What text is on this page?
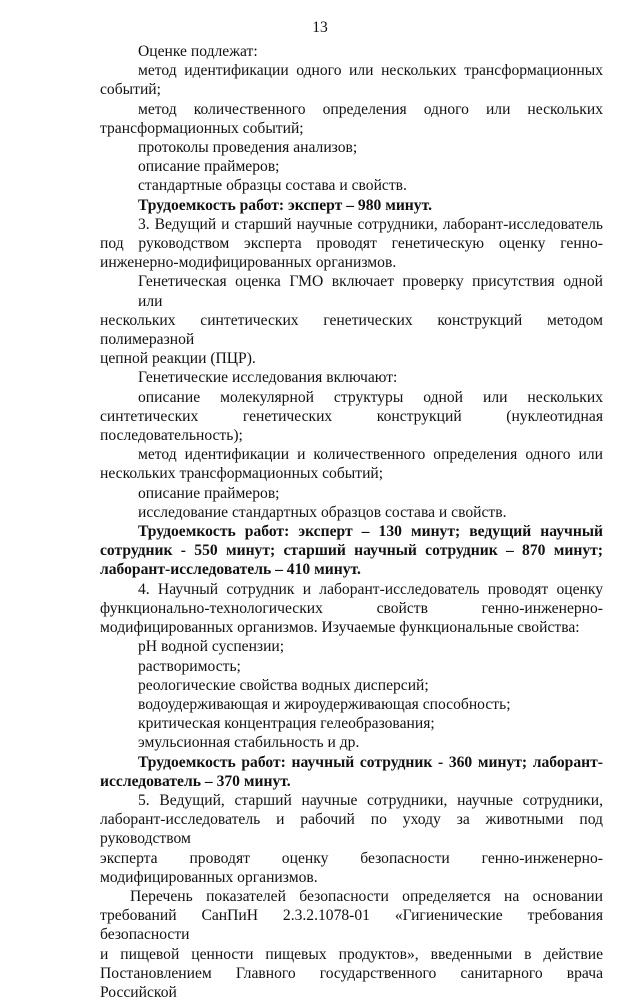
13

Оценке подлежат:

метод идентификации одного или нескольких трансформационных

событий;

метод количественного определения одного или нескольких

трансформационных событий;

протоколы проведения анализов;

описание праймеров;

стандартные образцы состава и свойств.

Трудоемкость работ: эксперт – 980 минут.

3. Ведущий и старший научные сотрудники, лаборант-исследователь

под руководством эксперта проводят генетическую оценку генно-

инженерно-модифицированных организмов.

Генетическая оценка ГМО включает проверку присутствия одной или

нескольких синтетических генетических конструкций методом полимеразной

цепной реакции (ПЦР).

Генетические исследования включают:

описание молекулярной структуры одной или нескольких

синтетических генетических конструкций (нуклеотидная

последовательность);

метод идентификации и количественного определения одного или

нескольких трансформационных событий;

описание праймеров;

исследование стандартных образцов состава и свойств.

Трудоемкость работ: эксперт – 130 минут; ведущий научный

сотрудник - 550 минут; старший научный сотрудник – 870 минут;

лаборант-исследователь – 410 минут.

4. Научный сотрудник и лаборант-исследователь проводят оценку

функционально-технологических свойств генно-инженерно-

модифицированных организмов. Изучаемые функциональные свойства:

pH водной суспензии;

растворимость;

реологические свойства водных дисперсий;

водоудерживающая и жироудерживающая способность;

критическая концентрация гелеобразования;

эмульсионная стабильность и др.

Трудоемкость работ: научный сотрудник - 360 минут; лаборант-

исследователь – 370 минут.

5. Ведущий, старший научные сотрудники, научные сотрудники,

лаборант-исследователь и рабочий по уходу за животными под руководством

эксперта проводят оценку безопасности генно-инженерно-

модифицированных организмов.

Перечень показателей безопасности определяется на основании

требований СанПиН 2.3.2.1078-01 «Гигиенические требования безопасности

и пищевой ценности пищевых продуктов», введенными в действие

Постановлением Главного государственного санитарного врача Российской
